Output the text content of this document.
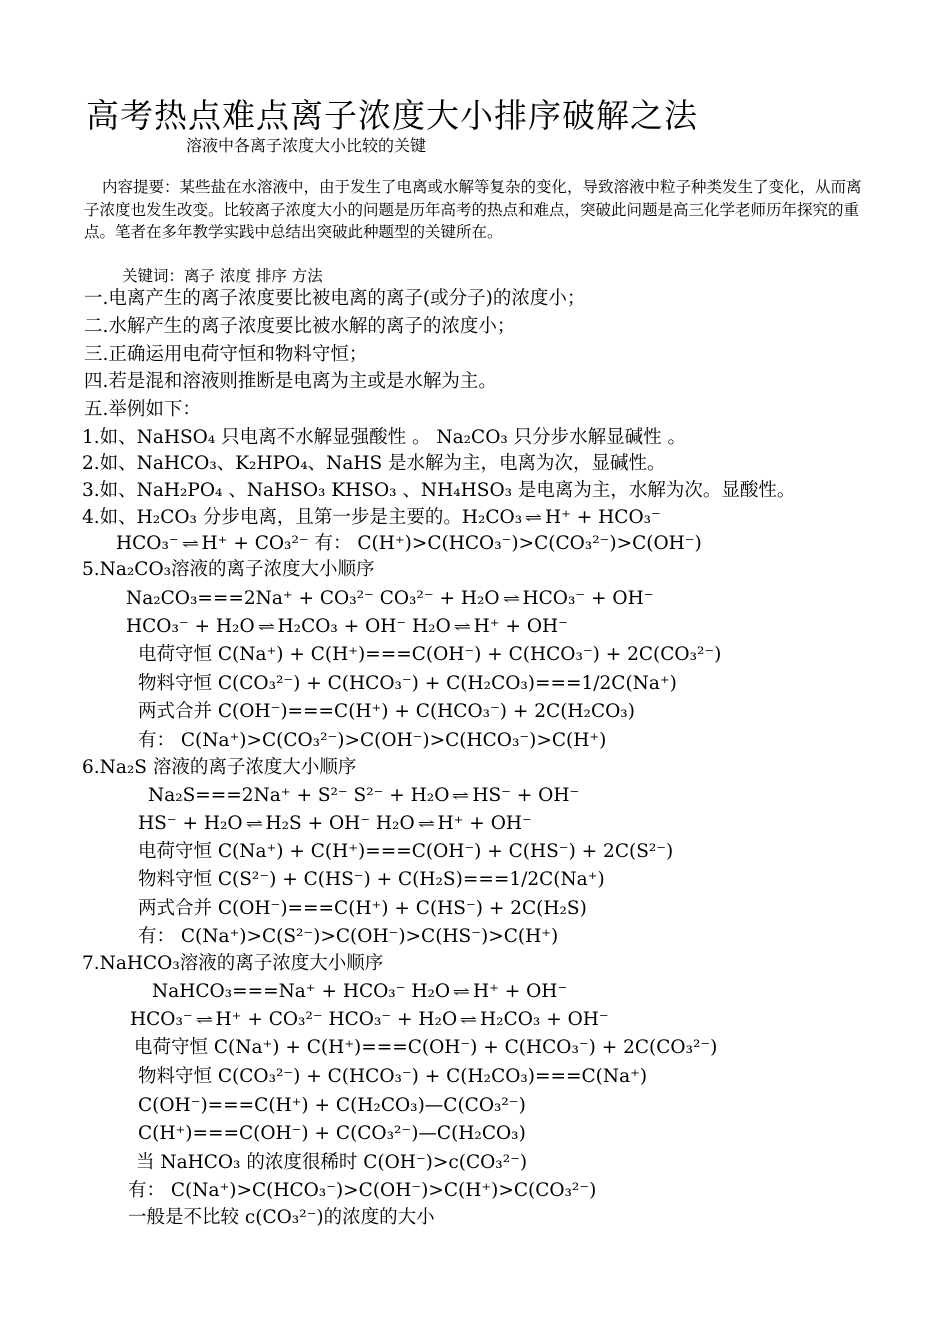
高考热点难点离子浓度大小排序破解之法
溶液中各离子浓度大小比较的关键
内容提要：某些盐在水溶液中，由于发生了电离或水解等复杂的变化，导致溶液中粒子种类发生了变化，从而离子浓度也发生改变。比较离子浓度大小的问题是历年高考的热点和难点，突破此问题是高三化学老师历年探究的重点。笔者在多年教学实践中总结出突破此种题型的关键所在。
关键词：离子 浓度 排序 方法
一.电离产生的离子浓度要比被电离的离子(或分子)的浓度小；
二.水解产生的离子浓度要比被水解的离子的浓度小；
三.正确运用电荷守恒和物料守恒；
四.若是混和溶液则推断是电离为主或是水解为主。
五.举例如下：
1.如、NaHSO₄ 只电离不水解显强酸性 。 Na₂CO₃ 只分步水解显碱性 。
2.如、NaHCO₃、K₂HPO₄、NaHS 是水解为主，电离为次，显碱性。
3.如、NaH₂PO₄ 、NaHSO₃ KHSO₃ 、NH₄HSO₃ 是电离为主，水解为次。显酸性。
4.如、H₂CO₃ 分步电离，且第一步是主要的。H₂CO₃ ⇌ H⁺ + HCO₃⁻
HCO₃⁻ ⇌ H⁺ + CO₃²⁻ 有： C(H⁺)>C(HCO₃⁻)>C(CO₃²⁻)>C(OH⁻)
5.Na₂CO₃溶液的离子浓度大小顺序
Na₂CO₃===2Na⁺ + CO₃²⁻ CO₃²⁻ + H₂O ⇌ HCO₃⁻ + OH⁻
HCO₃⁻ + H₂O ⇌ H₂CO₃ + OH⁻ H₂O ⇌ H⁺ + OH⁻
电荷守恒 C(Na⁺) + C(H⁺)===C(OH⁻) + C(HCO₃⁻) + 2C(CO₃²⁻)
物料守恒 C(CO₃²⁻) + C(HCO₃⁻) + C(H₂CO₃)===1/2C(Na⁺)
两式合并 C(OH⁻)===C(H⁺) + C(HCO₃⁻) + 2C(H₂CO₃)
有： C(Na⁺)>C(CO₃²⁻)>C(OH⁻)>C(HCO₃⁻)>C(H⁺)
6.Na₂S 溶液的离子浓度大小顺序
Na₂S===2Na⁺ + S²⁻ S²⁻ + H₂O ⇌ HS⁻ + OH⁻
HS⁻ + H₂O ⇌ H₂S + OH⁻ H₂O ⇌ H⁺ + OH⁻
电荷守恒 C(Na⁺) + C(H⁺)===C(OH⁻) + C(HS⁻) + 2C(S²⁻)
物料守恒 C(S²⁻) + C(HS⁻) + C(H₂S)===1/2C(Na⁺)
两式合并 C(OH⁻)===C(H⁺) + C(HS⁻) + 2C(H₂S)
有： C(Na⁺)>C(S²⁻)>C(OH⁻)>C(HS⁻)>C(H⁺)
7.NaHCO₃溶液的离子浓度大小顺序
NaHCO₃===Na⁺ + HCO₃⁻ H₂O ⇌ H⁺ + OH⁻
HCO₃⁻ ⇌ H⁺ + CO₃²⁻ HCO₃⁻ + H₂O ⇌ H₂CO₃ + OH⁻
电荷守恒 C(Na⁺) + C(H⁺)===C(OH⁻) + C(HCO₃⁻) + 2C(CO₃²⁻)
物料守恒 C(CO₃²⁻) + C(HCO₃⁻) + C(H₂CO₃)===C(Na⁺)
C(OH⁻)===C(H⁺) + C(H₂CO₃)—C(CO₃²⁻)
C(H⁺)===C(OH⁻) + C(CO₃²⁻)—C(H₂CO₃)
当 NaHCO₃ 的浓度很稀时 C(OH⁻)>c(CO₃²⁻)
有： C(Na⁺)>C(HCO₃⁻)>C(OH⁻)>C(H⁺)>C(CO₃²⁻)
一般是不比较 c(CO₃²⁻)的浓度的大小
